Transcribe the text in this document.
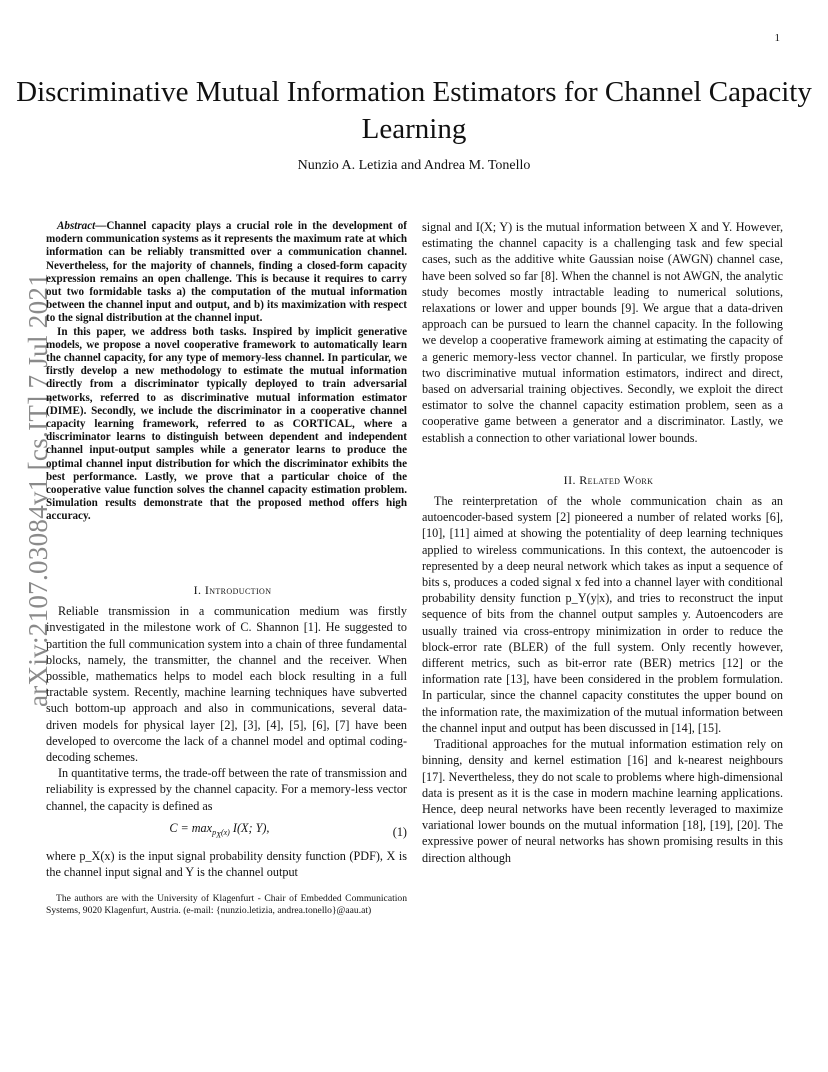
1
Discriminative Mutual Information Estimators for Channel Capacity Learning
Nunzio A. Letizia and Andrea M. Tonello
arXiv:2107.03084v1 [cs.IT] 7 Jul 2021

Abstract—Channel capacity plays a crucial role in the development of modern communication systems as it represents the maximum rate at which information can be reliably transmitted over a communication channel. Nevertheless, for the majority of channels, finding a closed-form capacity expression remains an open challenge. This is because it requires to carry out two formidable tasks a) the computation of the mutual information between the channel input and output, and b) its maximization with respect to the signal distribution at the channel input.

In this paper, we address both tasks. Inspired by implicit generative models, we propose a novel cooperative framework to automatically learn the channel capacity, for any type of memory-less channel. In particular, we firstly develop a new methodology to estimate the mutual information directly from a discriminator typically deployed to train adversarial networks, referred to as discriminative mutual information estimator (DIME). Secondly, we include the discriminator in a cooperative channel capacity learning framework, referred to as CORTICAL, where a discriminator learns to distinguish between dependent and independent channel input-output samples while a generator learns to produce the optimal channel input distribution for which the discriminator exhibits the best performance. Lastly, we prove that a particular choice of the cooperative value function solves the channel capacity estimation problem. Simulation results demonstrate that the proposed method offers high accuracy.

I. Introduction

Reliable transmission in a communication medium was firstly investigated in the milestone work of C. Shannon [1]. He suggested to partition the full communication system into a chain of three fundamental blocks, namely, the transmitter, the channel and the receiver. When possible, mathematics helps to model each block resulting in a full tractable system. Recently, machine learning techniques have subverted such bottom-up approach and also in communications, several data-driven models for physical layer [2], [3], [4], [5], [6], [7] have been developed to overcome the lack of a channel model and optimal coding-decoding schemes.

In quantitative terms, the trade-off between the rate of transmission and reliability is expressed by the channel capacity. For a memory-less vector channel, the capacity is defined as

$C = \max_{p_X(x)} I(X$; Y),	(1)

where p_X(x) is the input signal probability density function (PDF), X is the channel input signal and Y is the channel output

The authors are with the University of Klagenfurt - Chair of Embedded Communication Systems, 9020 Klagenfurt, Austria. (e-mail: {nunzio.letizia, andrea.tonello}@aau.at)

signal and I(X; Y) is the mutual information between X and Y. However, estimating the channel capacity is a challenging task and few special cases, such as the additive white Gaussian noise (AWGN) channel case, have been solved so far [8]. When the channel is not AWGN, the analytic study becomes mostly intractable leading to numerical solutions, relaxations or lower and upper bounds [9]. We argue that a data-driven approach can be pursued to learn the channel capacity. In the following we develop a cooperative framework aiming at estimating the capacity of a generic memory-less vector channel. In particular, we firstly propose two discriminative mutual information estimators, indirect and direct, based on adversarial training objectives. Secondly, we exploit the direct estimator to solve the channel capacity estimation problem, seen as a cooperative game between a generator and a discriminator. Lastly, we establish a connection to other variational lower bounds.

II. Related Work

The reinterpretation of the whole communication chain as an autoencoder-based system [2] pioneered a number of related works [6], [10], [11] aimed at showing the potentiality of deep learning techniques applied to wireless communications. In this context, the autoencoder is represented by a deep neural network which takes as input a sequence of bits s, produces a coded signal x fed into a channel layer with conditional probability density function p_Y(y|x), and tries to reconstruct the input sequence of bits from the channel output samples y. Autoencoders are usually trained via cross-entropy minimization in order to reduce the block-error rate (BLER) of the full system. Only recently however, different metrics, such as bit-error rate (BER) metrics [12] or the information rate [13], have been considered in the problem formulation. In particular, since the channel capacity constitutes the upper bound on the information rate, the maximization of the mutual information between the channel input and output has been discussed in [14], [15].

Traditional approaches for the mutual information estimation rely on binning, density and kernel estimation [16] and k-nearest neighbours [17]. Nevertheless, they do not scale to problems where high-dimensional data is present as it is the case in modern machine learning applications. Hence, deep neural networks have been recently leveraged to maximize variational lower bounds on the mutual information [18], [19], [20]. The expressive power of neural networks has shown promising results in this direction although
